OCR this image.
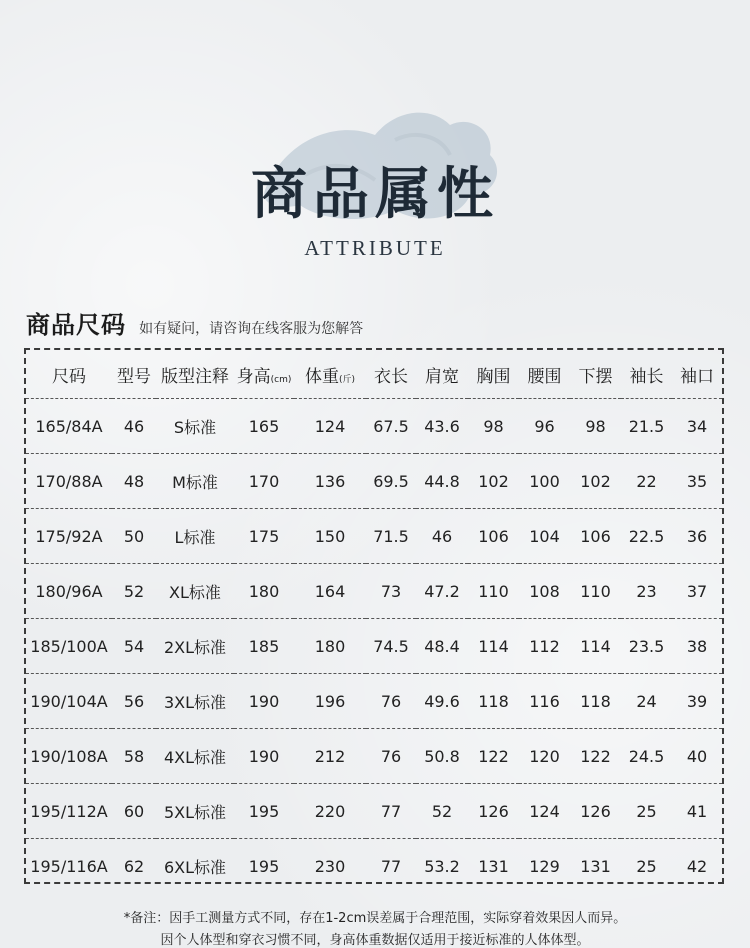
商品属性
ATTRIBUTE
商品尺码 如有疑问，请咨询在线客服为您解答
尺码	型号	版型注释	身高(cm)	体重(斤)	衣长	肩宽	胸围	腰围	下摆	袖长	袖口
165/84A	46	S标准	165	124	67.5	43.6	98	96	98	21.5	34
170/88A	48	M标准	170	136	69.5	44.8	102	100	102	22	35
175/92A	50	L标准	175	150	71.5	46	106	104	106	22.5	36
180/96A	52	XL标准	180	164	73	47.2	110	108	110	23	37
185/100A	54	2XL标准	185	180	74.5	48.4	114	112	114	23.5	38
190/104A	56	3XL标准	190	196	76	49.6	118	116	118	24	39
190/108A	58	4XL标准	190	212	76	50.8	122	120	122	24.5	40
195/112A	60	5XL标准	195	220	77	52	126	124	126	25	41
195/116A	62	6XL标准	195	230	77	53.2	131	129	131	25	42
*备注：因手工测量方式不同，存在1-2cm误差属于合理范围，实际穿着效果因人而异。
因个人体型和穿衣习惯不同，身高体重数据仅适用于接近标准的人体体型。
